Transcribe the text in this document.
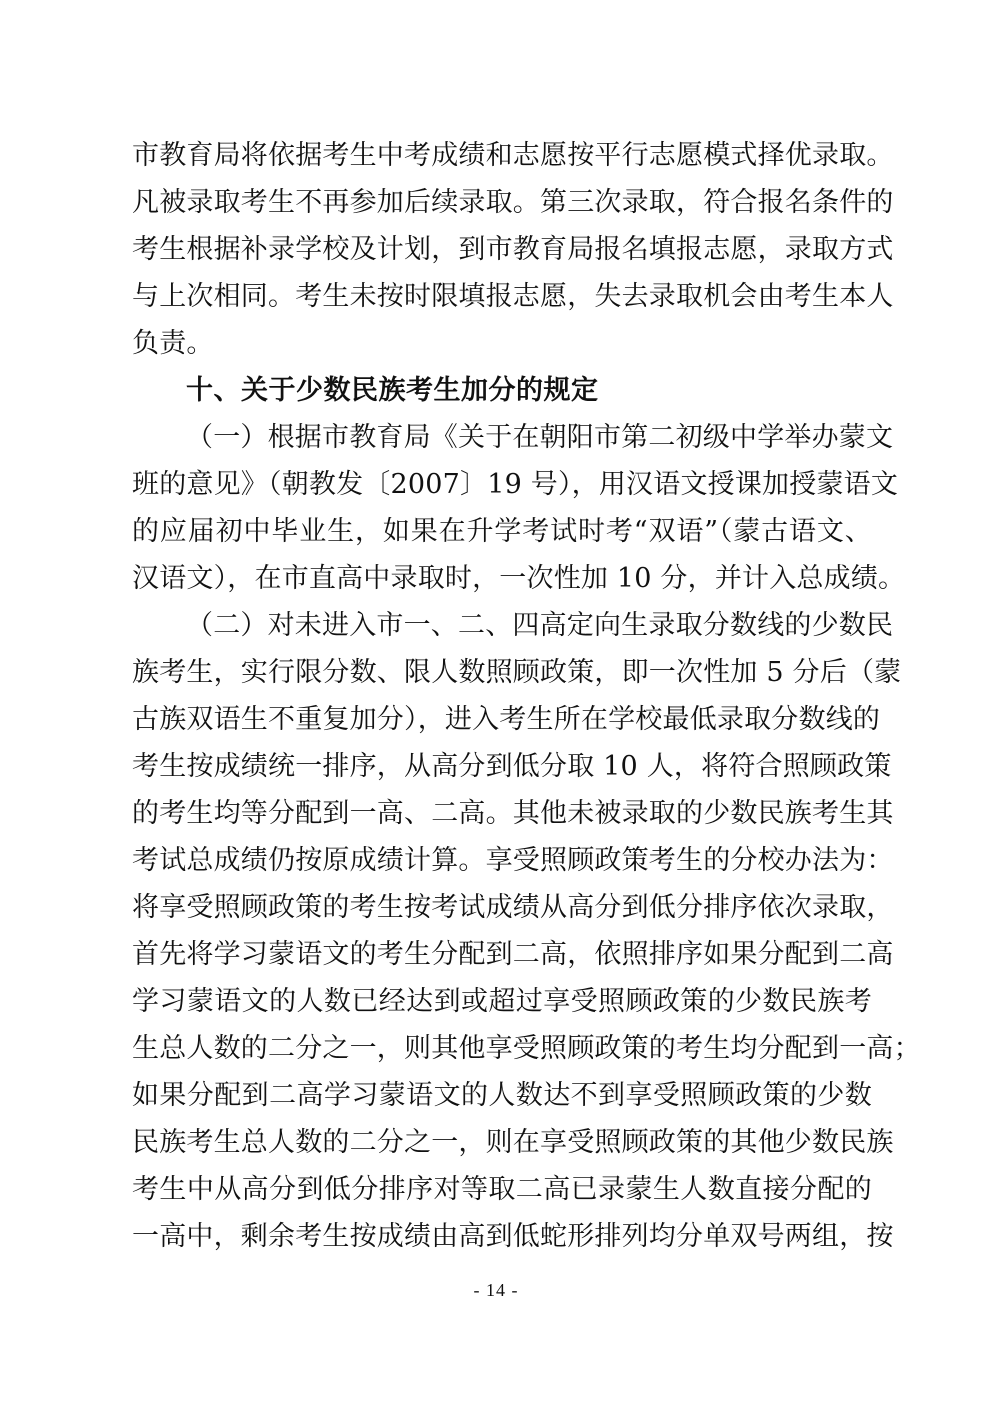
市教育局将依据考生中考成绩和志愿按平行志愿模式择优录取。
凡被录取考生不再参加后续录取。第三次录取，符合报名条件的
考生根据补录学校及计划，到市教育局报名填报志愿，录取方式
与上次相同。考生未按时限填报志愿，失去录取机会由考生本人
负责。
十、关于少数民族考生加分的规定
（一）根据市教育局《关于在朝阳市第二初级中学举办蒙文
班的意见》（朝教发〔2007〕19 号），用汉语文授课加授蒙语文
的应届初中毕业生，如果在升学考试时考“双语”（蒙古语文、
汉语文），在市直高中录取时，一次性加 10 分，并计入总成绩。
（二）对未进入市一、二、四高定向生录取分数线的少数民
族考生，实行限分数、限人数照顾政策，即一次性加 5 分后（蒙
古族双语生不重复加分），进入考生所在学校最低录取分数线的
考生按成绩统一排序，从高分到低分取 10 人，将符合照顾政策
的考生均等分配到一高、二高。其他未被录取的少数民族考生其
考试总成绩仍按原成绩计算。享受照顾政策考生的分校办法为：
将享受照顾政策的考生按考试成绩从高分到低分排序依次录取，
首先将学习蒙语文的考生分配到二高，依照排序如果分配到二高
学习蒙语文的人数已经达到或超过享受照顾政策的少数民族考
生总人数的二分之一，则其他享受照顾政策的考生均分配到一高；
如果分配到二高学习蒙语文的人数达不到享受照顾政策的少数
民族考生总人数的二分之一，则在享受照顾政策的其他少数民族
考生中从高分到低分排序对等取二高已录蒙生人数直接分配的
一高中，剩余考生按成绩由高到低蛇形排列均分单双号两组，按
- 14 -
